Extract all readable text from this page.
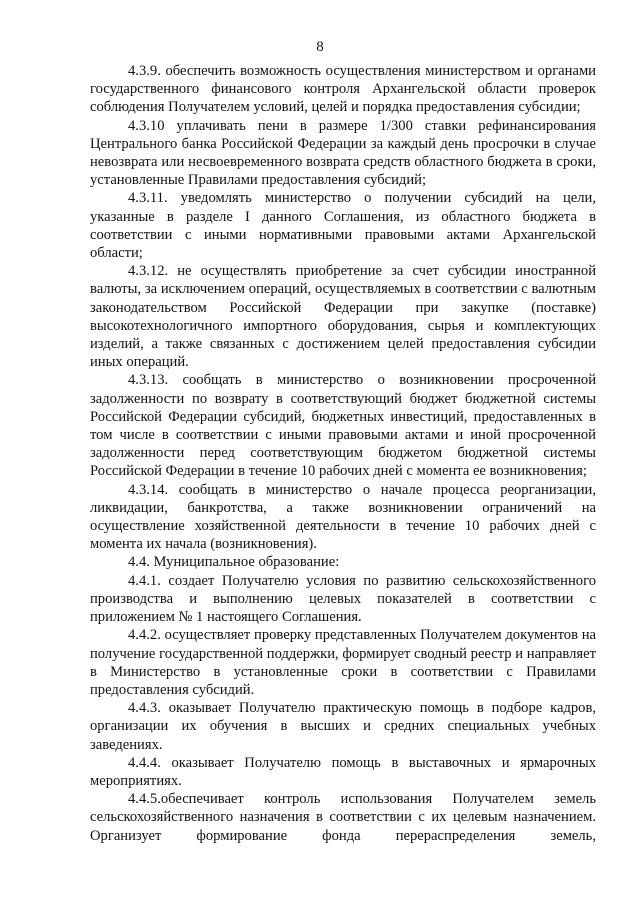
8

4.3.9. обеспечить возможность осуществления министерством и органами государственного финансового контроля Архангельской области проверок соблюдения Получателем условий, целей и порядка предоставления субсидии;

4.3.10 уплачивать пени в размере 1/300 ставки рефинансирования Центрального банка Российской Федерации за каждый день просрочки в случае невозврата или несвоевременного возврата средств областного бюджета в сроки, установленные Правилами предоставления субсидий;

4.3.11. уведомлять министерство о получении субсидий на цели, указанные в разделе I данного Соглашения, из областного бюджета в соответствии с иными нормативными правовыми актами Архангельской области;

4.3.12. не осуществлять приобретение за счет субсидии иностранной валюты, за исключением операций, осуществляемых в соответствии с валютным законодательством Российской Федерации при закупке (поставке) высокотехнологичного импортного оборудования, сырья и комплектующих изделий, а также связанных с достижением целей предоставления субсидии иных операций.

4.3.13. сообщать в министерство о возникновении просроченной задолженности по возврату в соответствующий бюджет бюджетной системы Российской Федерации субсидий, бюджетных инвестиций, предоставленных в том числе в соответствии с иными правовыми актами и иной просроченной задолженности перед соответствующим бюджетом бюджетной системы Российской Федерации в течение 10 рабочих дней с момента ее возникновения;

4.3.14. сообщать в министерство о начале процесса реорганизации, ликвидации, банкротства, а также возникновении ограничений на осуществление хозяйственной деятельности в течение 10 рабочих дней с момента их начала (возникновения).

4.4. Муниципальное образование:

4.4.1. создает Получателю условия по развитию сельскохозяйственного производства и выполнению целевых показателей в соответствии с приложением № 1 настоящего Соглашения.

4.4.2. осуществляет проверку представленных Получателем документов на получение государственной поддержки, формирует сводный реестр и направляет в Министерство в установленные сроки в соответствии с Правилами предоставления субсидий.

4.4.3. оказывает Получателю практическую помощь в подборе кадров, организации их обучения в высших и средних специальных учебных заведениях.

4.4.4. оказывает Получателю помощь в выставочных и ярмарочных мероприятиях.

4.4.5.обеспечивает контроль использования Получателем земель сельскохозяйственного назначения в соответствии с их целевым назначением. Организует формирование фонда перераспределения земель,
